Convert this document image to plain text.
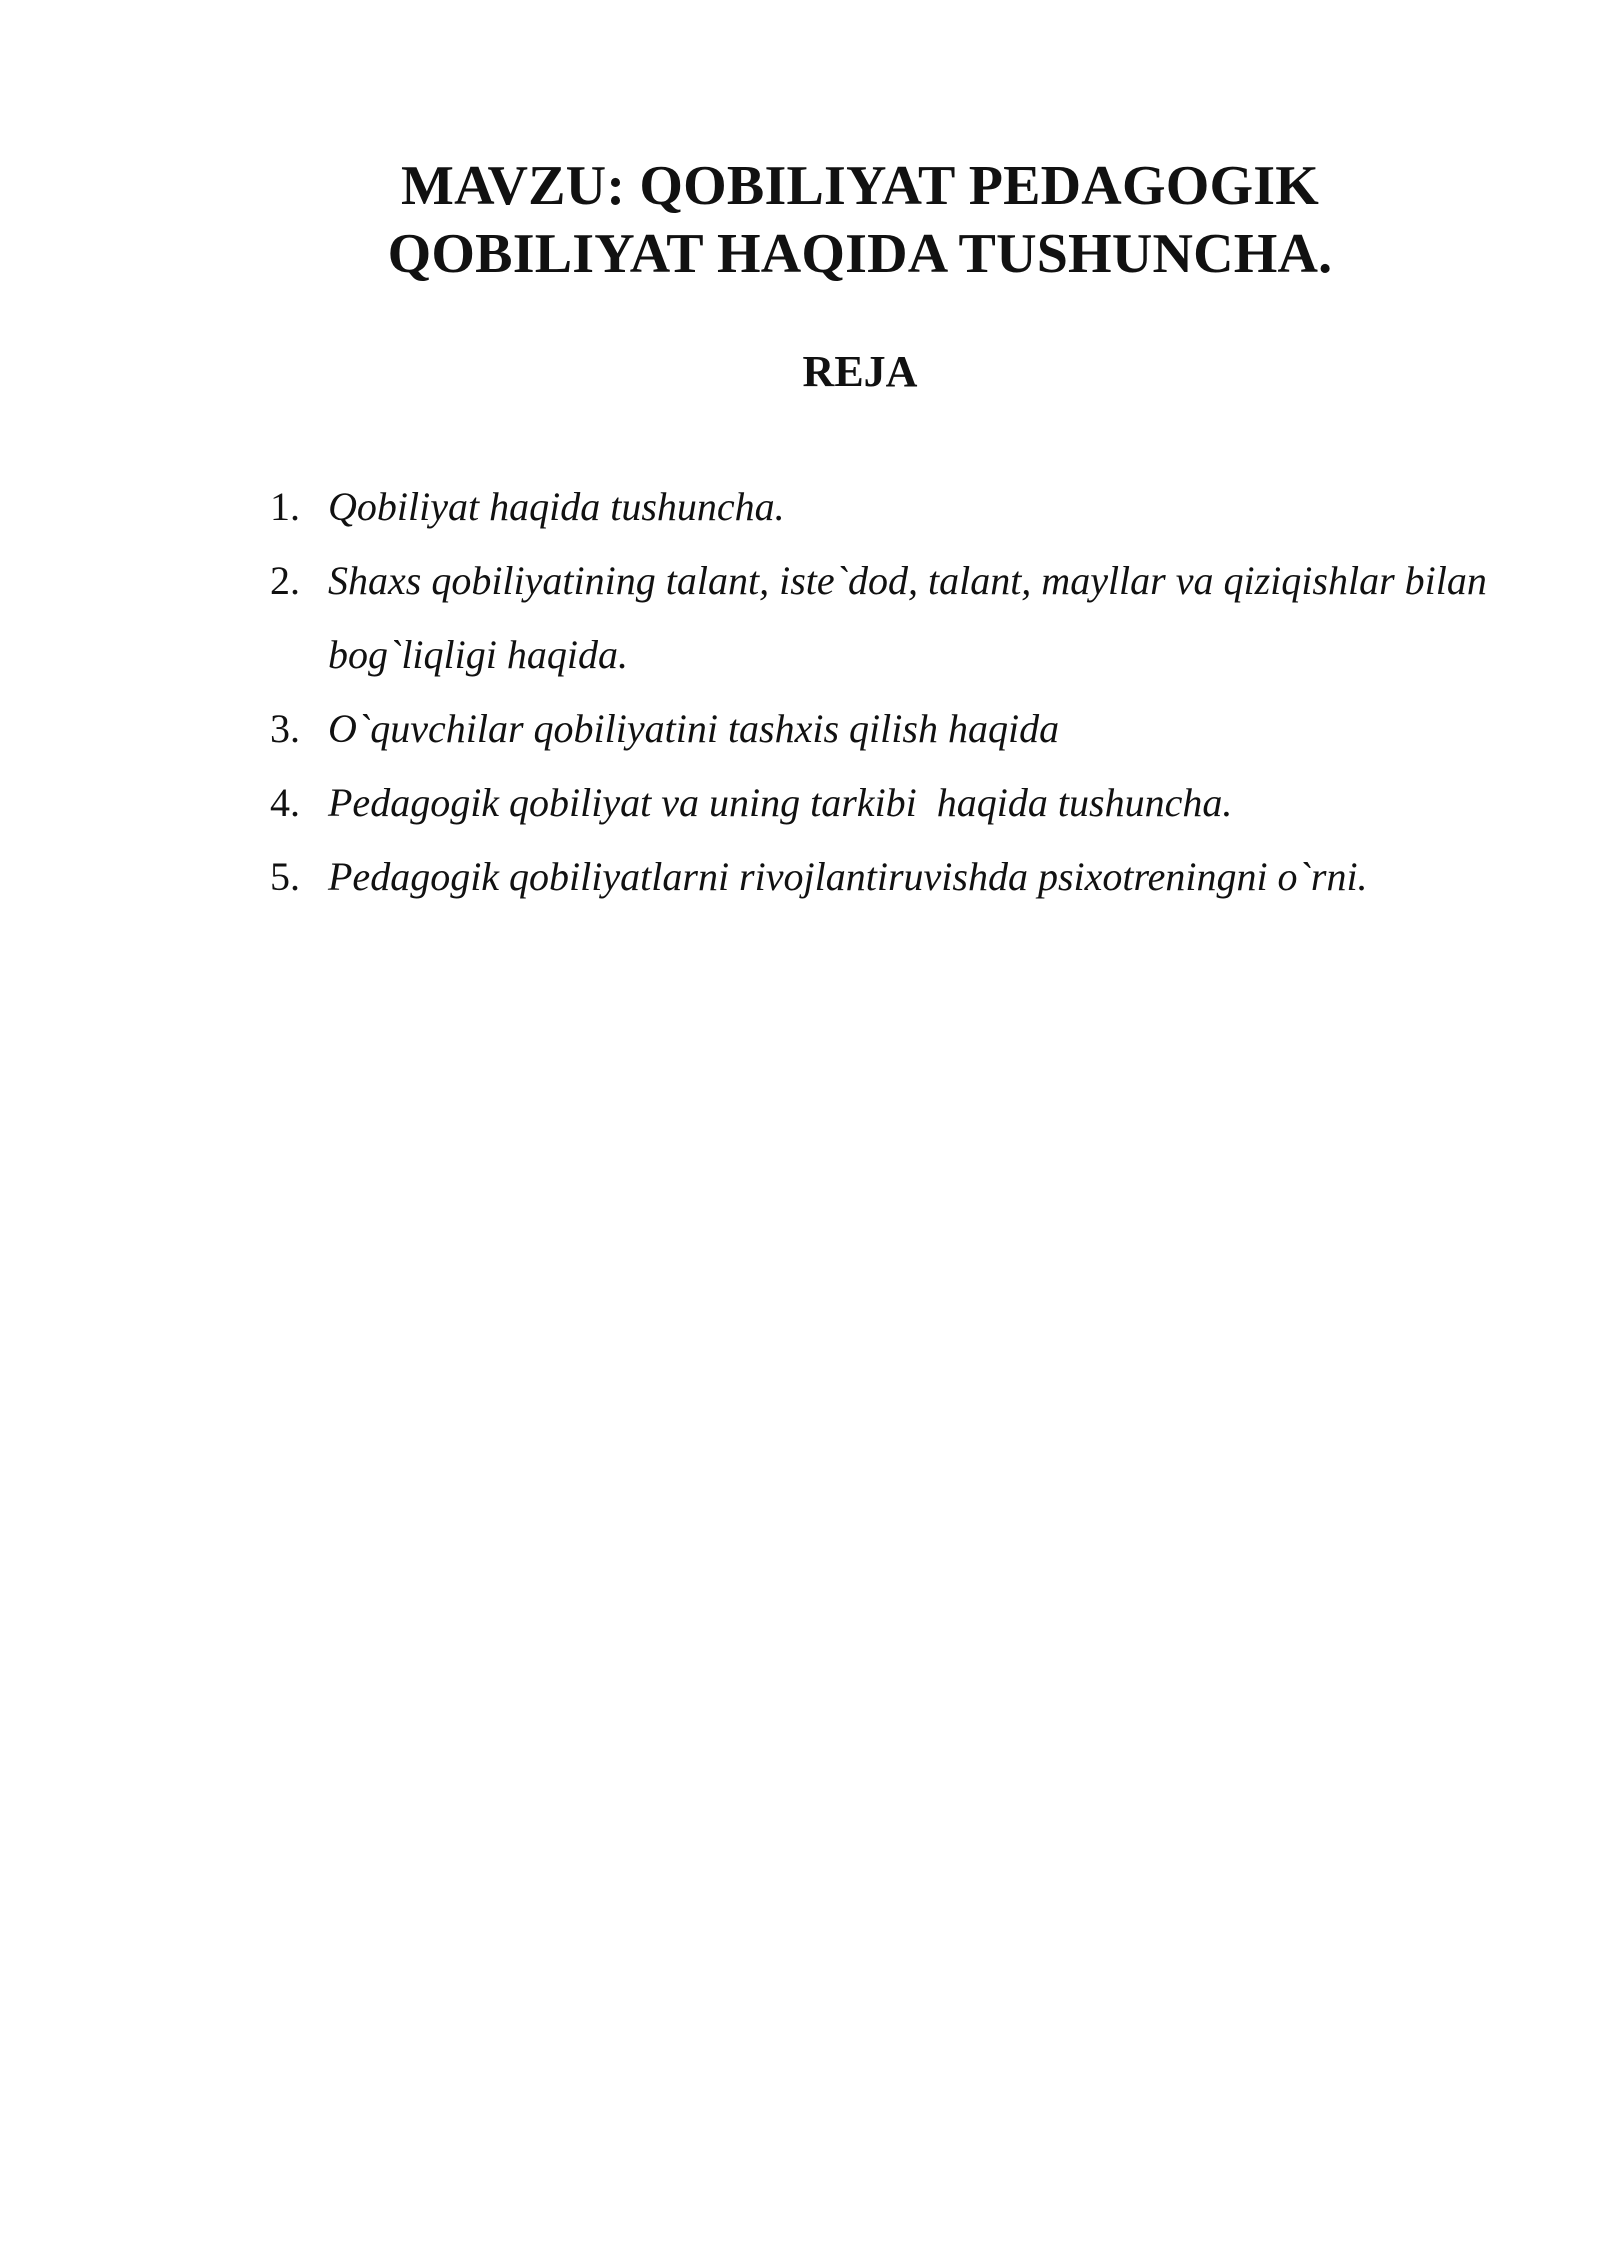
MAVZU: QOBILIYAT PEDAGOGIK
QOBILIYAT HAQIDA TUSHUNCHA.
REJA
1. Qobiliyat haqida tushuncha.
2. Shaxs qobiliyatining talant, iste`dod, talant, mayllar va qiziqishlar bilan bog`liqligi haqida.
3. O`quvchilar qobiliyatini tashxis qilish haqida
4. Pedagogik qobiliyat va uning tarkibi  haqida tushuncha.
5. Pedagogik qobiliyatlarni rivojlantiruvishda psixotreningni o`rni.
